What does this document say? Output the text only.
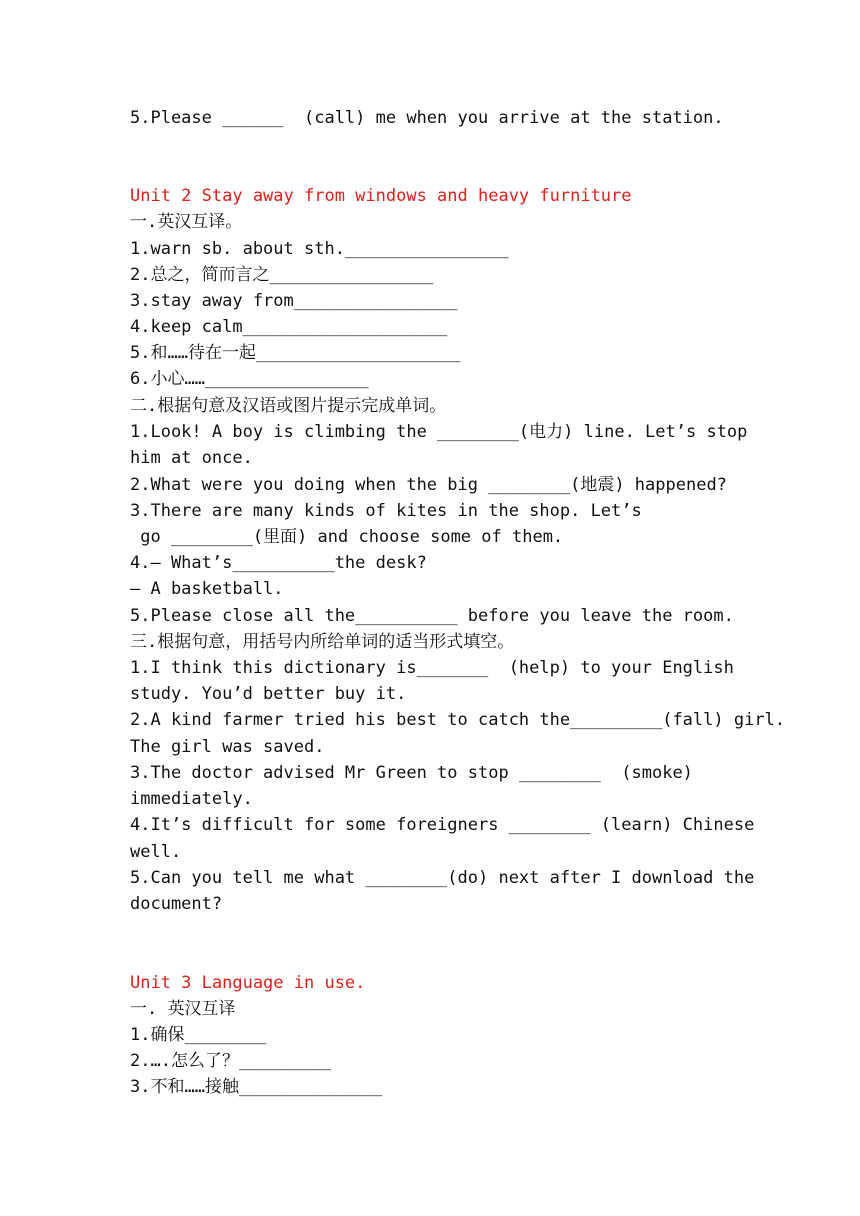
5.Please ______  (call) me when you arrive at the station.
Unit 2 Stay away from windows and heavy furniture
一.英汉互译。
1.warn sb. about sth.________________
2.总之，简而言之________________
3.stay away from________________
4.keep calm____________________
5.和……待在一起____________________
6.小心……________________
二.根据句意及汉语或图片提示完成单词。
1.Look! A boy is climbing the ________(电力) line. Let’s stop
him at once.
2.What were you doing when the big ________(地震) happened?
3.There are many kinds of kites in the shop. Let’s
go ________(里面) and choose some of them.
4.— What’s__________the desk?
— A basketball.
5.Please close all the__________ before you leave the room.
三.根据句意，用括号内所给单词的适当形式填空。
1.I think this dictionary is_______  (help) to your English
study. You’d better buy it.
2.A kind farmer tried his best to catch the_________(fall) girl.
The girl was saved.
3.The doctor advised Mr Green to stop ________  (smoke)
immediately.
4.It’s difficult for some foreigners ________ (learn) Chinese
well.
5.Can you tell me what ________(do) next after I download the
document?
Unit 3 Language in use.
一. 英汉互译
1.确保________
2.….怎么了？_________
3.不和……接触______________
